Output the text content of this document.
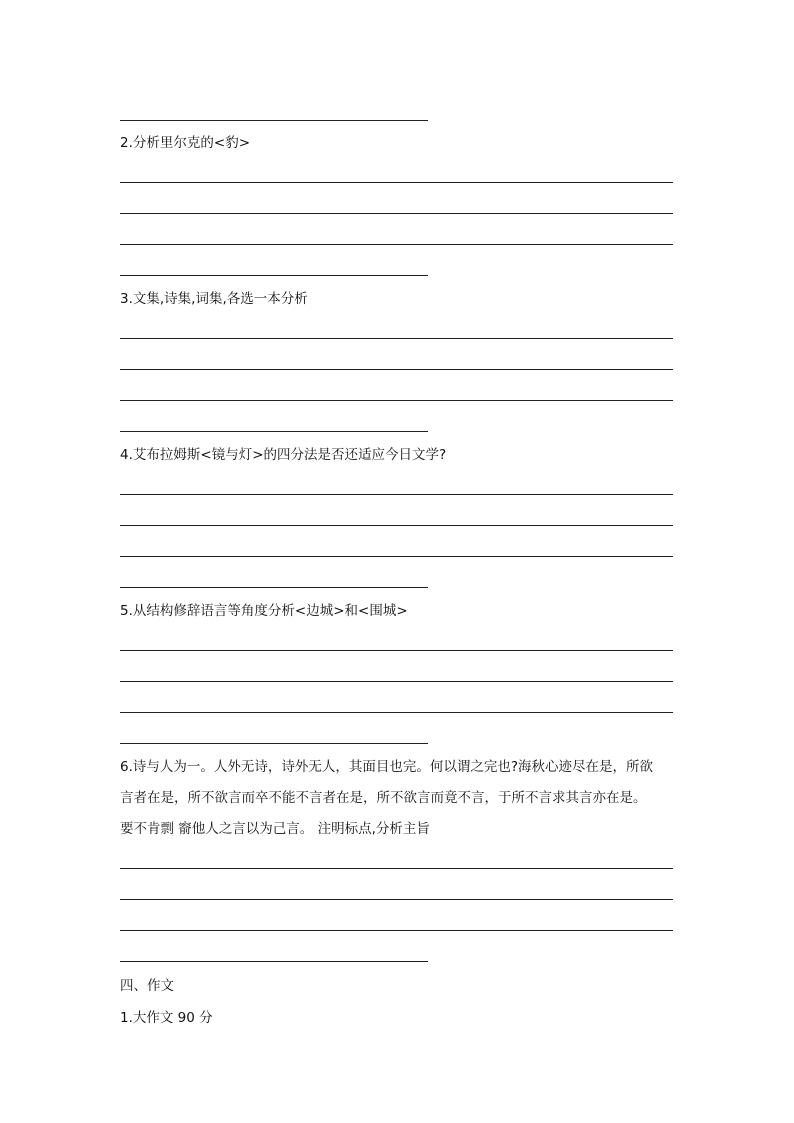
2.分析里尔克的<豹>
3.文集,诗集,词集,各选一本分析
4.艾布拉姆斯<镜与灯>的四分法是否还适应今日文学?
5.从结构修辞语言等角度分析<边城>和<围城>
6.诗与人为一。人外无诗，诗外无人，其面目也完。何以谓之完也?海秋心迹尽在是，所欲
言者在是，所不欲言而卒不能不言者在是，所不欲言而竟不言，于所不言求其言亦在是。
要不肯剽 窬他人之言以为己言。 注明标点,分析主旨
四、作文
1.大作文 90 分
